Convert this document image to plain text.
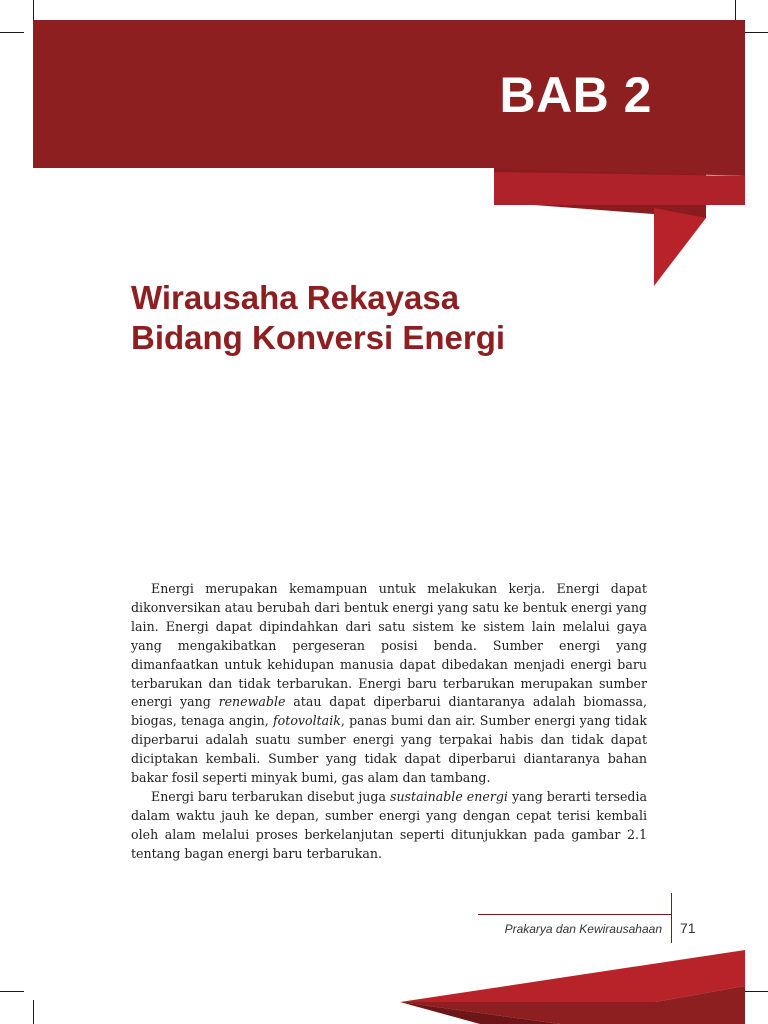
BAB 2
Wirausaha Rekayasa
Bidang Konversi Energi

Energi merupakan kemampuan untuk melakukan kerja. Energi dapat dikonversikan atau berubah dari bentuk energi yang satu ke bentuk energi yang lain. Energi dapat dipindahkan dari satu sistem ke sistem lain melalui gaya yang mengakibatkan pergeseran posisi benda. Sumber energi yang dimanfaatkan untuk kehidupan manusia dapat dibedakan menjadi energi baru terbarukan dan tidak terbarukan. Energi baru terbarukan merupakan sumber energi yang renewable atau dapat diperbarui diantaranya adalah biomassa, biogas, tenaga angin, fotovoltaik, panas bumi dan air. Sumber energi yang tidak diperbarui adalah suatu sumber energi yang terpakai habis dan tidak dapat diciptakan kembali. Sumber yang tidak dapat diperbarui diantaranya bahan bakar fosil seperti minyak bumi, gas alam dan tambang.

Energi baru terbarukan disebut juga sustainable energi yang berarti tersedia dalam waktu jauh ke depan, sumber energi yang dengan cepat terisi kembali oleh alam melalui proses berkelanjutan seperti ditunjukkan pada gambar 2.1 tentang bagan energi baru terbarukan.

Prakarya dan Kewirausahaan 71
